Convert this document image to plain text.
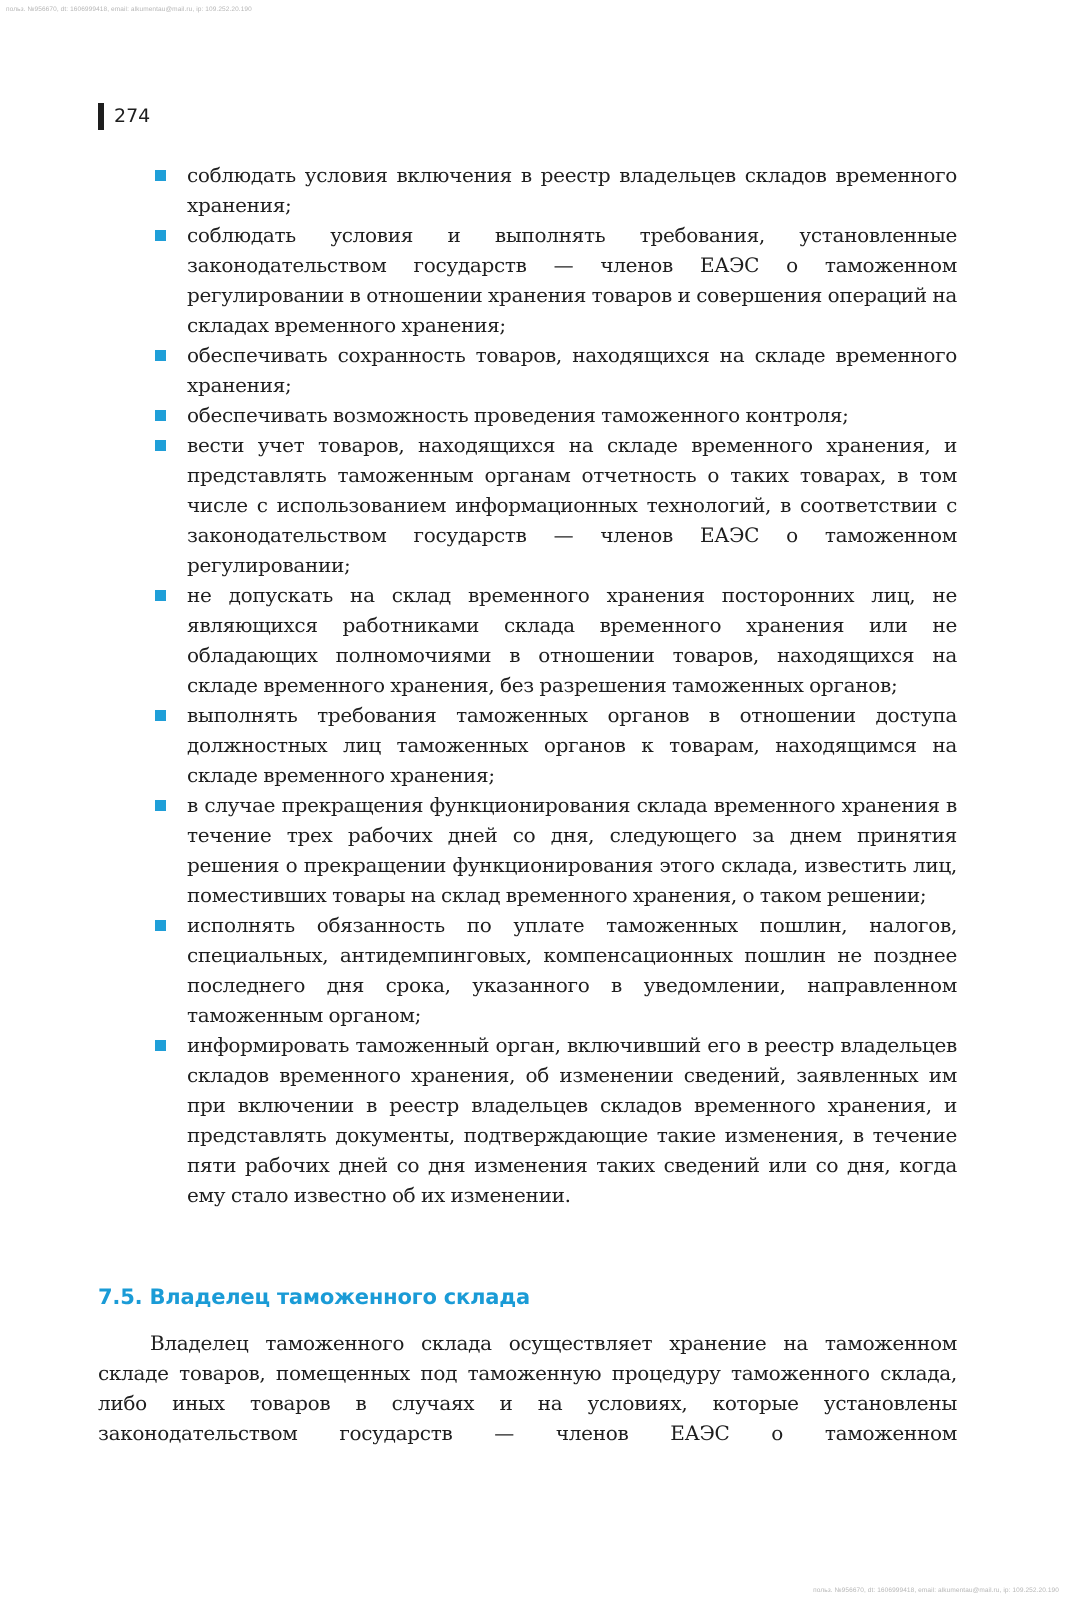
польз. №956670, dt: 1606999418, email: alkumentau@mail.ru, ip: 109.252.20.190
274
соблюдать условия включения в реестр владельцев складов временного хранения;
соблюдать условия и выполнять требования, установленные законодательством государств — членов ЕАЭС о таможенном регулировании в отношении хранения товаров и совершения операций на складах временного хранения;
обеспечивать сохранность товаров, находящихся на складе временного хранения;
обеспечивать возможность проведения таможенного контроля;
вести учет товаров, находящихся на складе временного хранения, и представлять таможенным органам отчетность о таких товарах, в том числе с использованием информационных технологий, в соответствии с законодательством государств — членов ЕАЭС о таможенном регулировании;
не допускать на склад временного хранения посторонних лиц, не являющихся работниками склада временного хранения или не обладающих полномочиями в отношении товаров, находящихся на складе временного хранения, без разрешения таможенных органов;
выполнять требования таможенных органов в отношении доступа должностных лиц таможенных органов к товарам, находящимся на складе временного хранения;
в случае прекращения функционирования склада временного хранения в течение трех рабочих дней со дня, следующего за днем принятия решения о прекращении функционирования этого склада, известить лиц, поместивших товары на склад временного хранения, о таком решении;
исполнять обязанность по уплате таможенных пошлин, налогов, специальных, антидемпинговых, компенсационных пошлин не позднее последнего дня срока, указанного в уведомлении, направленном таможенным органом;
информировать таможенный орган, включивший его в реестр владельцев складов временного хранения, об изменении сведений, заявленных им при включении в реестр владельцев складов временного хранения, и представлять документы, подтверждающие такие изменения, в течение пяти рабочих дней со дня изменения таких сведений или со дня, когда ему стало известно об их изменении.
7.5. Владелец таможенного склада

Владелец таможенного склада осуществляет хранение на таможенном складе товаров, помещенных под таможенную процедуру таможенного склада, либо иных товаров в случаях и на условиях, которые установлены законодательством государств — членов ЕАЭС о таможенном

польз. №956670, dt: 1606999418, email: alkumentau@mail.ru, ip: 109.252.20.190
